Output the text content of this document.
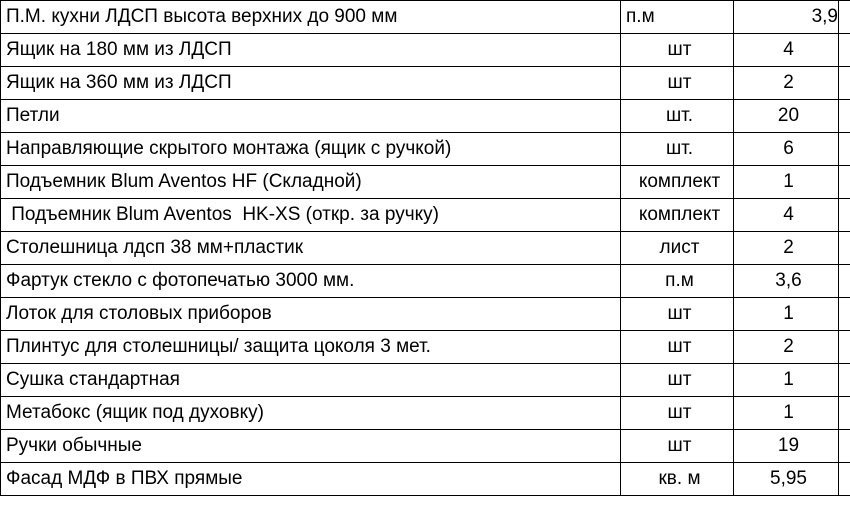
П.М. кухни ЛДСП высота верхних до 900 мм	п.м	3,9	
Ящик на 180 мм из ЛДСП	шт	4	
Ящик на 360 мм из ЛДСП	шт	2	
Петли	шт.	20	
Направляющие скрытого монтажа (ящик с ручкой)	шт.	6	
Подъемник Blum Aventos HF (Складной)	комплект	1	
Подъемник Blum Aventos  HK-XS (откр. за ручку)	комплект	4	
Столешница лдсп 38 мм+пластик	лист	2	
Фартук стекло с фотопечатью 3000 мм.	п.м	3,6	
Лоток для столовых приборов	шт	1	
Плинтус для столешницы/ защита цоколя 3 мет.	шт	2	
Сушка стандартная	шт	1	
Метабокс (ящик под духовку)	шт	1	
Ручки обычные	шт	19	
Фасад МДФ в ПВХ прямые	кв. м	5,95	
